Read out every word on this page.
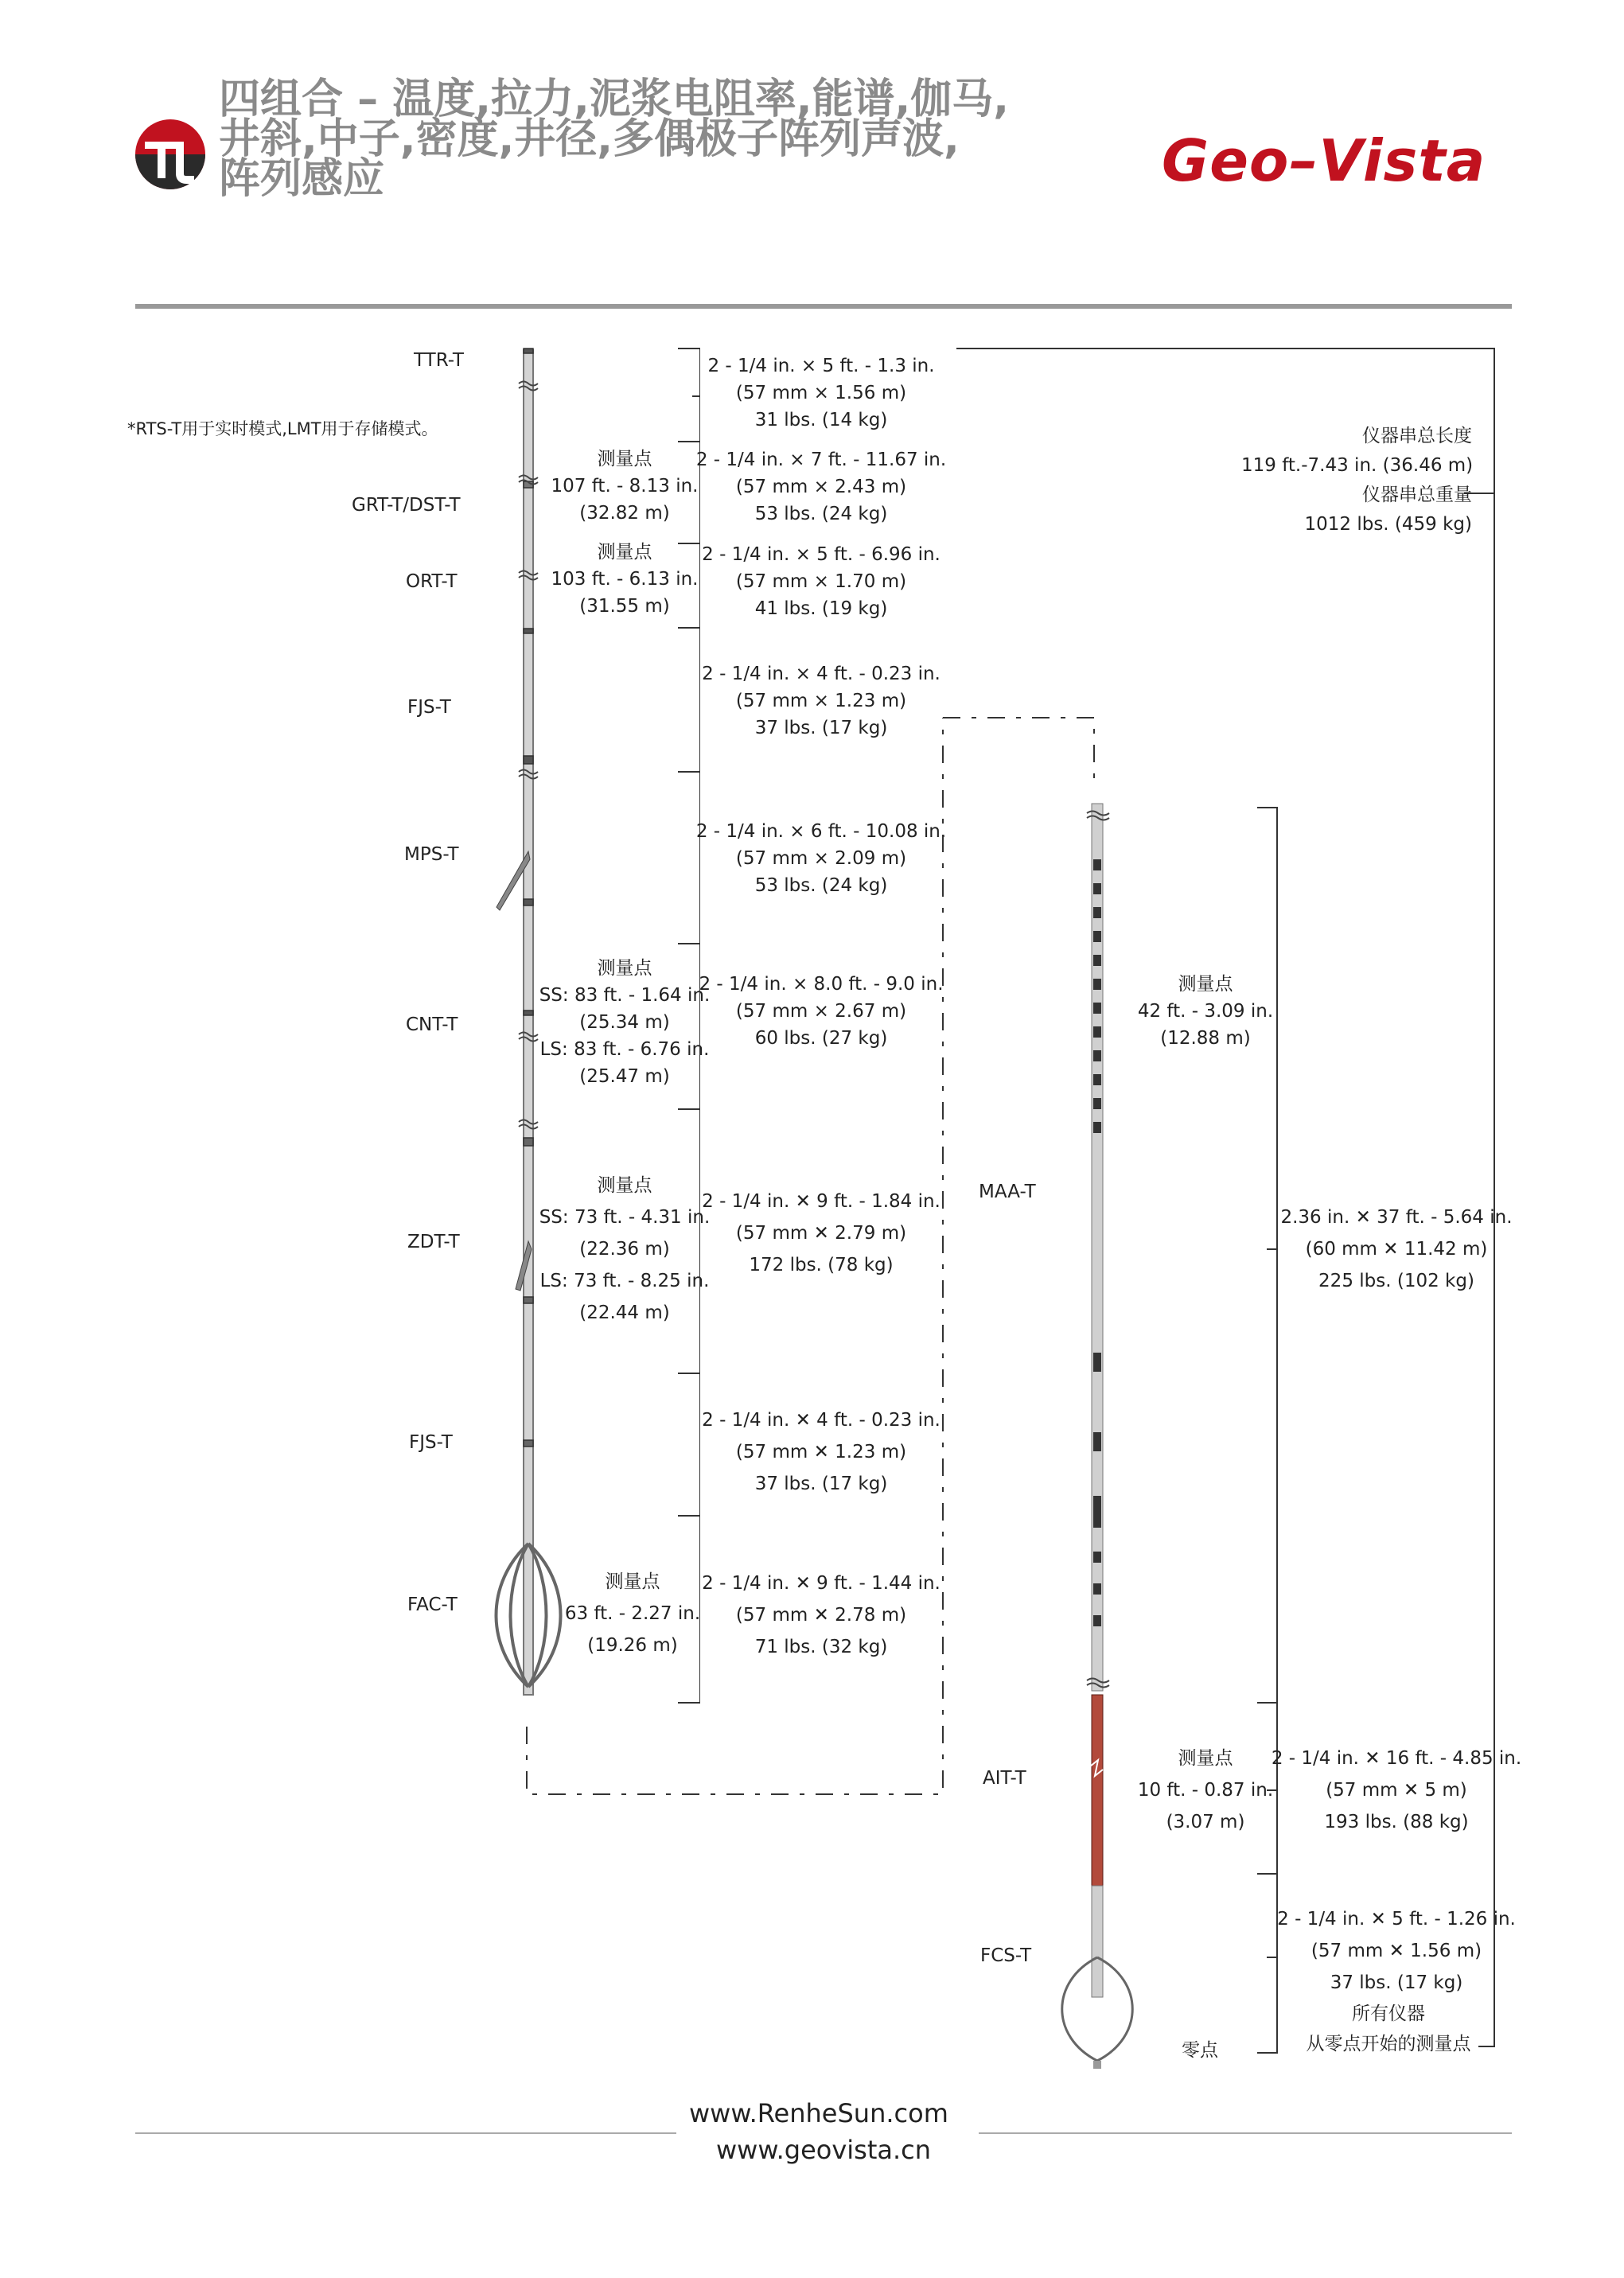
四组合 – 温度,拉力,泥浆电阻率,能谱,伽马,
井斜,中子,密度,井径,多偶极子阵列声波,
阵列感应	Geo–Vista
TTR-T
*RTS-T用于实时模式,LMT用于存储模式。
GRT-T/DST-T
ORT-T
FJS-T
MPS-T
CNT-T
ZDT-T
FJS-T
FAC-T
测量点
107 ft. - 8.13 in.
(32.82 m)
测量点
103 ft. - 6.13 in.
(31.55 m)
测量点
SS: 83 ft. - 1.64 in.
(25.34 m)
LS: 83 ft. - 6.76 in.
(25.47 m)
测量点
SS: 73 ft. - 4.31 in.
(22.36 m)
LS: 73 ft. - 8.25 in.
(22.44 m)
测量点
63 ft. - 2.27 in.
(19.26 m)
2 - 1/4 in. × 5 ft. - 1.3 in.
(57 mm × 1.56 m)
31 lbs. (14 kg)
2 - 1/4 in. × 7 ft. - 11.67 in.
(57 mm × 2.43 m)
53 lbs. (24 kg)
2 - 1/4 in. × 5 ft. - 6.96 in.
(57 mm × 1.70 m)
41 lbs. (19 kg)
2 - 1/4 in. × 4 ft. - 0.23 in.
(57 mm × 1.23 m)
37 lbs. (17 kg)
2 - 1/4 in. × 6 ft. - 10.08 in.
(57 mm × 2.09 m)
53 lbs. (24 kg)
2 - 1/4 in. × 8.0 ft. - 9.0 in.
(57 mm × 2.67 m)
60 lbs. (27 kg)
2 - 1/4 in. ✕ 9 ft. - 1.84 in.
(57 mm ✕ 2.79 m)
172 lbs. (78 kg)
2 - 1/4 in. ✕ 4 ft. - 0.23 in.
(57 mm ✕ 1.23 m)
37 lbs. (17 kg)
2 - 1/4 in. ✕ 9 ft. - 1.44 in.
(57 mm ✕ 2.78 m)
71 lbs. (32 kg)
仪器串总长度
119 ft.-7.43 in. (36.46 m)
仪器串总重量
1012 lbs. (459 kg)
MAA-T
AIT-T
FCS-T
零点
测量点
42 ft. - 3.09 in.
(12.88 m)
测量点
10 ft. - 0.87 in.
(3.07 m)
2.36 in. ✕ 37 ft. - 5.64 in.
(60 mm ✕ 11.42 m)
225 lbs. (102 kg)
2 - 1/4 in. ✕ 16 ft. - 4.85 in.
(57 mm ✕ 5 m)
193 lbs. (88 kg)
2 - 1/4 in. ✕ 5 ft. - 1.26 in.
(57 mm ✕ 1.56 m)
37 lbs. (17 kg)
所有仪器
从零点开始的测量点
www.RenheSun.com
www.geovista.cn
